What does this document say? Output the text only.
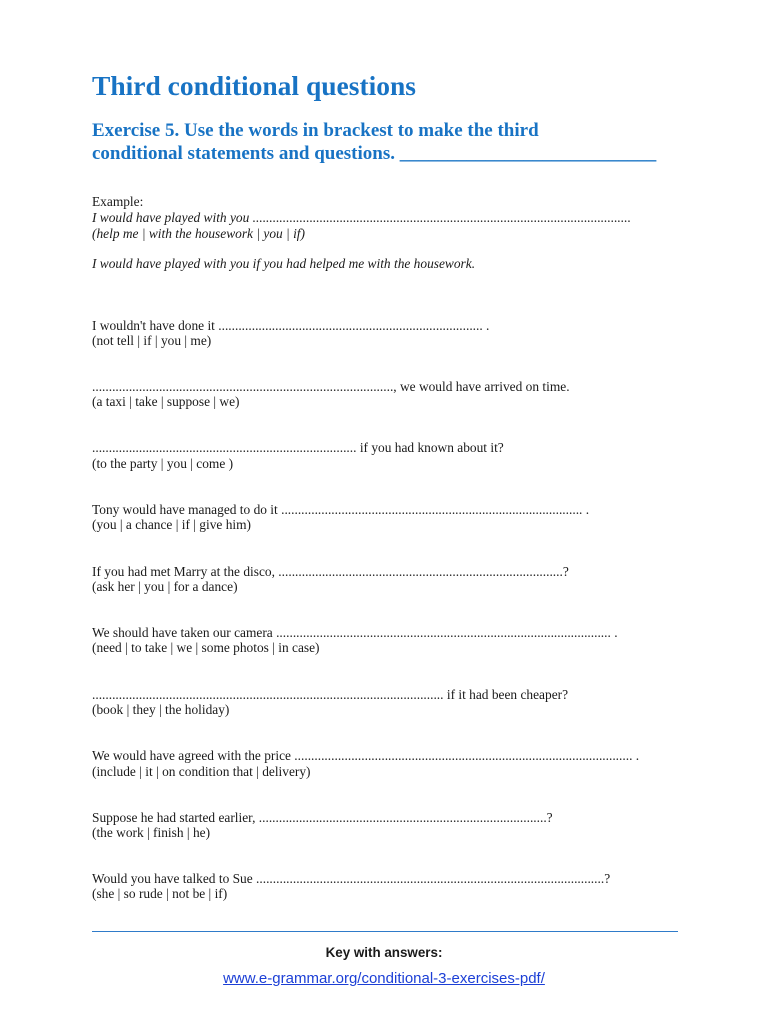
Third conditional questions
Exercise 5. Use the words in brackest to make the third
conditional statements and questions. ___________________________

Example:

I would have played with you .................................................................................................................

(help me | with the housework | you | if)

I would have played with you if you had helped me with the housework.

I wouldn't have done it ............................................................................... .

(not tell | if | you | me)

.........................................................................................., we would have arrived on time.

(a taxi | take | suppose | we)

............................................................................... if you had known about it?

(to the party | you | come )

Tony would have managed to do it .......................................................................................... .

(you | a chance | if | give him)

If you had met Marry at the disco, .....................................................................................?

(ask her | you | for a dance)

We should have taken our camera .................................................................................................... .

(need | to take | we | some photos | in case)

......................................................................................................... if it had been cheaper?

(book | they | the holiday)

We would have agreed with the price ..................................................................................................... .

(include | it | on condition that | delivery)

Suppose he had started earlier, ......................................................................................?

(the work | finish | he)

Would you have talked to Sue ........................................................................................................?

(she | so rude | not be | if)

Key with answers:
www.e-grammar.org/conditional-3-exercises-pdf/
